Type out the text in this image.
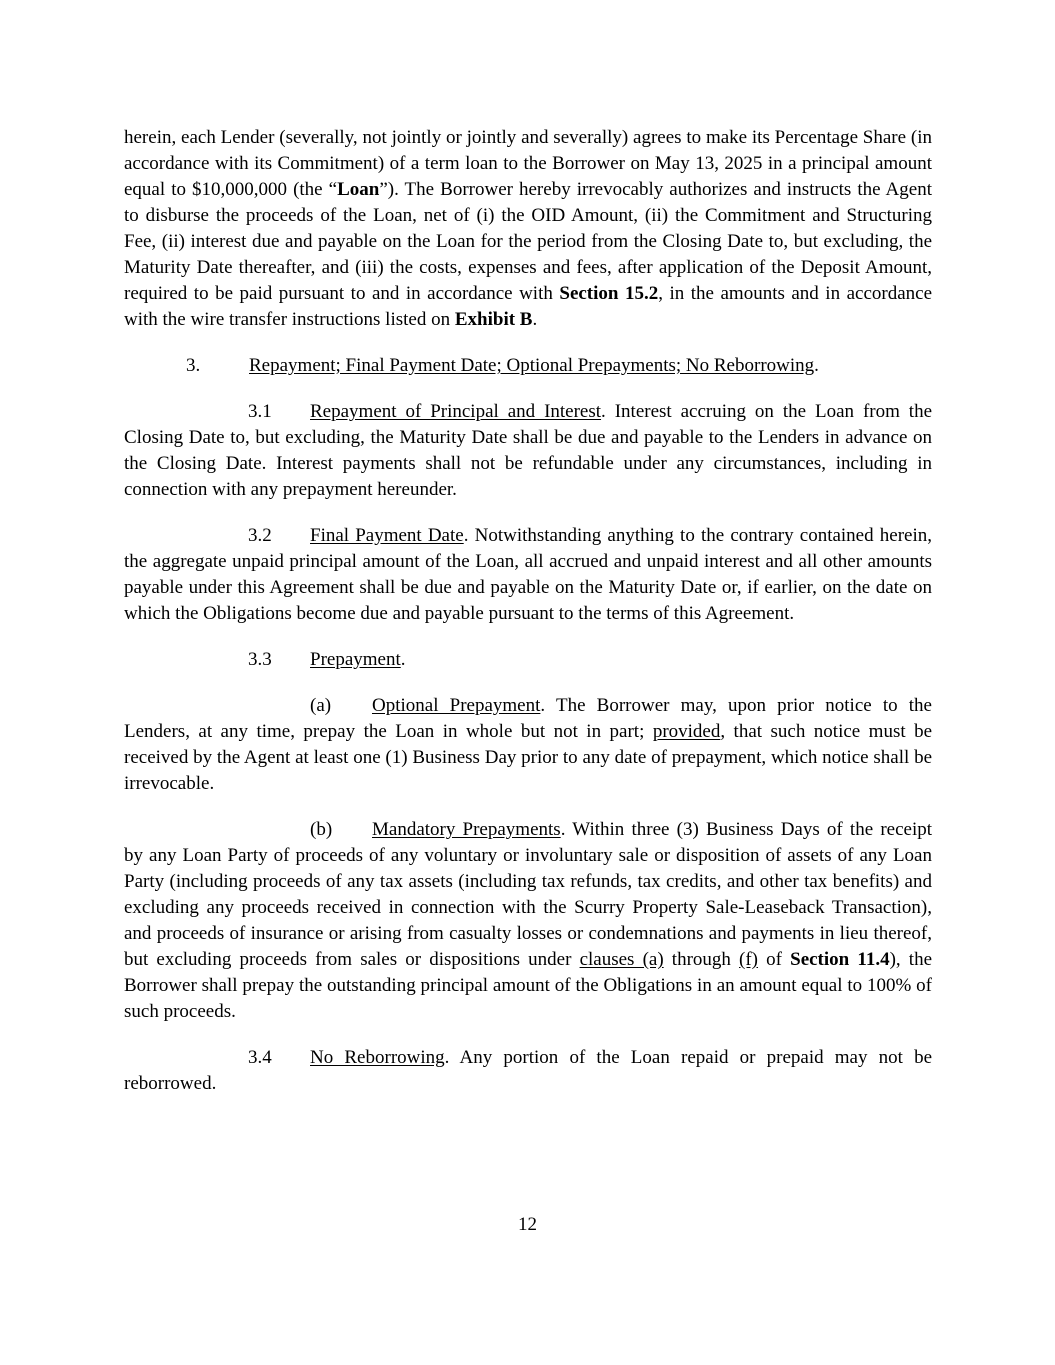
herein, each Lender (severally, not jointly or jointly and severally) agrees to make its Percentage Share (in accordance with its Commitment) of a term loan to the Borrower on May 13, 2025 in a principal amount equal to $10,000,000 (the “Loan”). The Borrower hereby irrevocably authorizes and instructs the Agent to disburse the proceeds of the Loan, net of (i) the OID Amount, (ii) the Commitment and Structuring Fee, (ii) interest due and payable on the Loan for the period from the Closing Date to, but excluding, the Maturity Date thereafter, and (iii) the costs, expenses and fees, after application of the Deposit Amount, required to be paid pursuant to and in accordance with Section 15.2, in the amounts and in accordance with the wire transfer instructions listed on Exhibit B.

3.	Repayment; Final Payment Date; Optional Prepayments; No Reborrowing.

3.1 Repayment of Principal and Interest. Interest accruing on the Loan from the Closing Date to, but excluding, the Maturity Date shall be due and payable to the Lenders in advance on the Closing Date. Interest payments shall not be refundable under any circumstances, including in connection with any prepayment hereunder.

3.2 Final Payment Date. Notwithstanding anything to the contrary contained herein, the aggregate unpaid principal amount of the Loan, all accrued and unpaid interest and all other amounts payable under this Agreement shall be due and payable on the Maturity Date or, if earlier, on the date on which the Obligations become due and payable pursuant to the terms of this Agreement.

3.3 Prepayment.

(a) Optional Prepayment. The Borrower may, upon prior notice to the Lenders, at any time, prepay the Loan in whole but not in part; provided, that such notice must be received by the Agent at least one (1) Business Day prior to any date of prepayment, which notice shall be irrevocable.

(b) Mandatory Prepayments. Within three (3) Business Days of the receipt by any Loan Party of proceeds of any voluntary or involuntary sale or disposition of assets of any Loan Party (including proceeds of any tax assets (including tax refunds, tax credits, and other tax benefits) and excluding any proceeds received in connection with the Scurry Property Sale-Leaseback Transaction), and proceeds of insurance or arising from casualty losses or condemnations and payments in lieu thereof, but excluding proceeds from sales or dispositions under clauses (a) through (f) of Section 11.4), the Borrower shall prepay the outstanding principal amount of the Obligations in an amount equal to 100% of such proceeds.

3.4 No Reborrowing. Any portion of the Loan repaid or prepaid may not be reborrowed.

12
